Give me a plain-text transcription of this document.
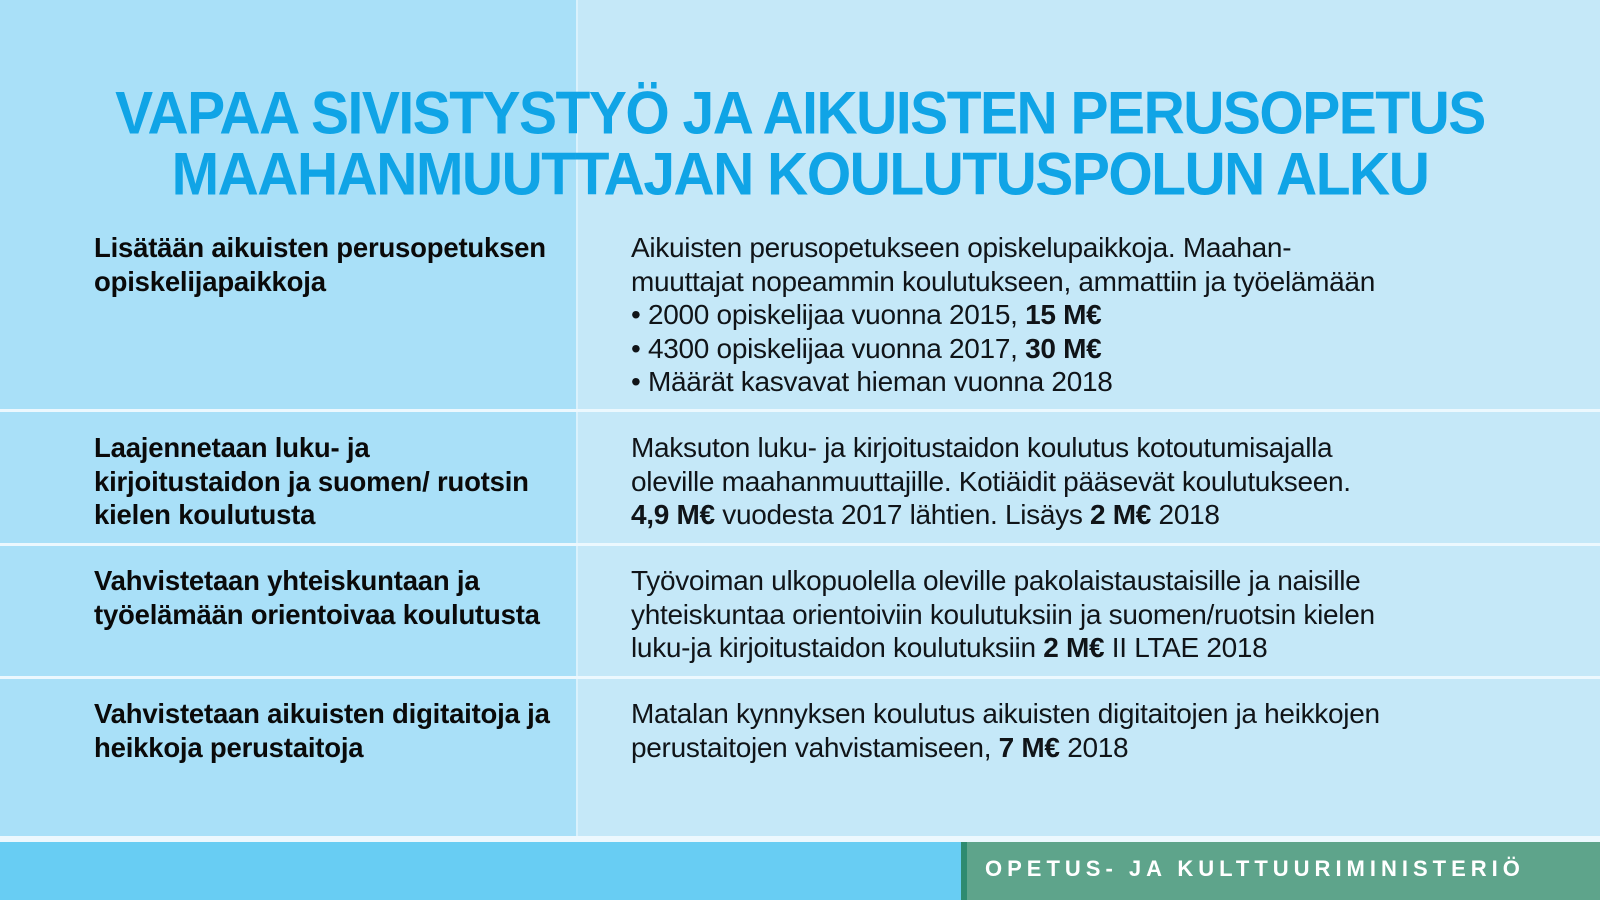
VAPAA SIVISTYSTYÖ JA AIKUISTEN PERUSOPETUS
MAAHANMUUTTAJAN KOULUTUSPOLUN ALKU
Lisätään aikuisten perusopetuksen opiskelijapaikkoja

Aikuisten perusopetukseen opiskelupaikkoja. Maahan-

muuttajat nopeammin koulutukseen, ammattiin ja työelämään

• 2000 opiskelijaa vuonna 2015, 15 M€
• 4300 opiskelijaa vuonna 2017, 30 M€
• Määrät kasvavat hieman vuonna 2018
Laajennetaan luku- ja kirjoitustaidon ja suomen/ ruotsin kielen koulutusta

Maksuton luku- ja kirjoitustaidon koulutus kotoutumisajalla

oleville maahanmuuttajille. Kotiäidit pääsevät koulutukseen.

4,9 M€ vuodesta 2017 lähtien. Lisäys 2 M€ 2018

Vahvistetaan yhteiskuntaan ja työelämään orientoivaa koulutusta

Työvoiman ulkopuolella oleville pakolaistaustaisille ja naisille

yhteiskuntaa orientoiviin koulutuksiin ja suomen/ruotsin kielen

luku-ja kirjoitustaidon koulutuksiin 2 M€ II LTAE 2018

Vahvistetaan aikuisten digitaitoja ja heikkoja perustaitoja

Matalan kynnyksen koulutus aikuisten digitaitojen ja heikkojen

perustaitojen vahvistamiseen, 7 M€ 2018

OPETUS- JA KULTTUURIMINISTERIÖ
